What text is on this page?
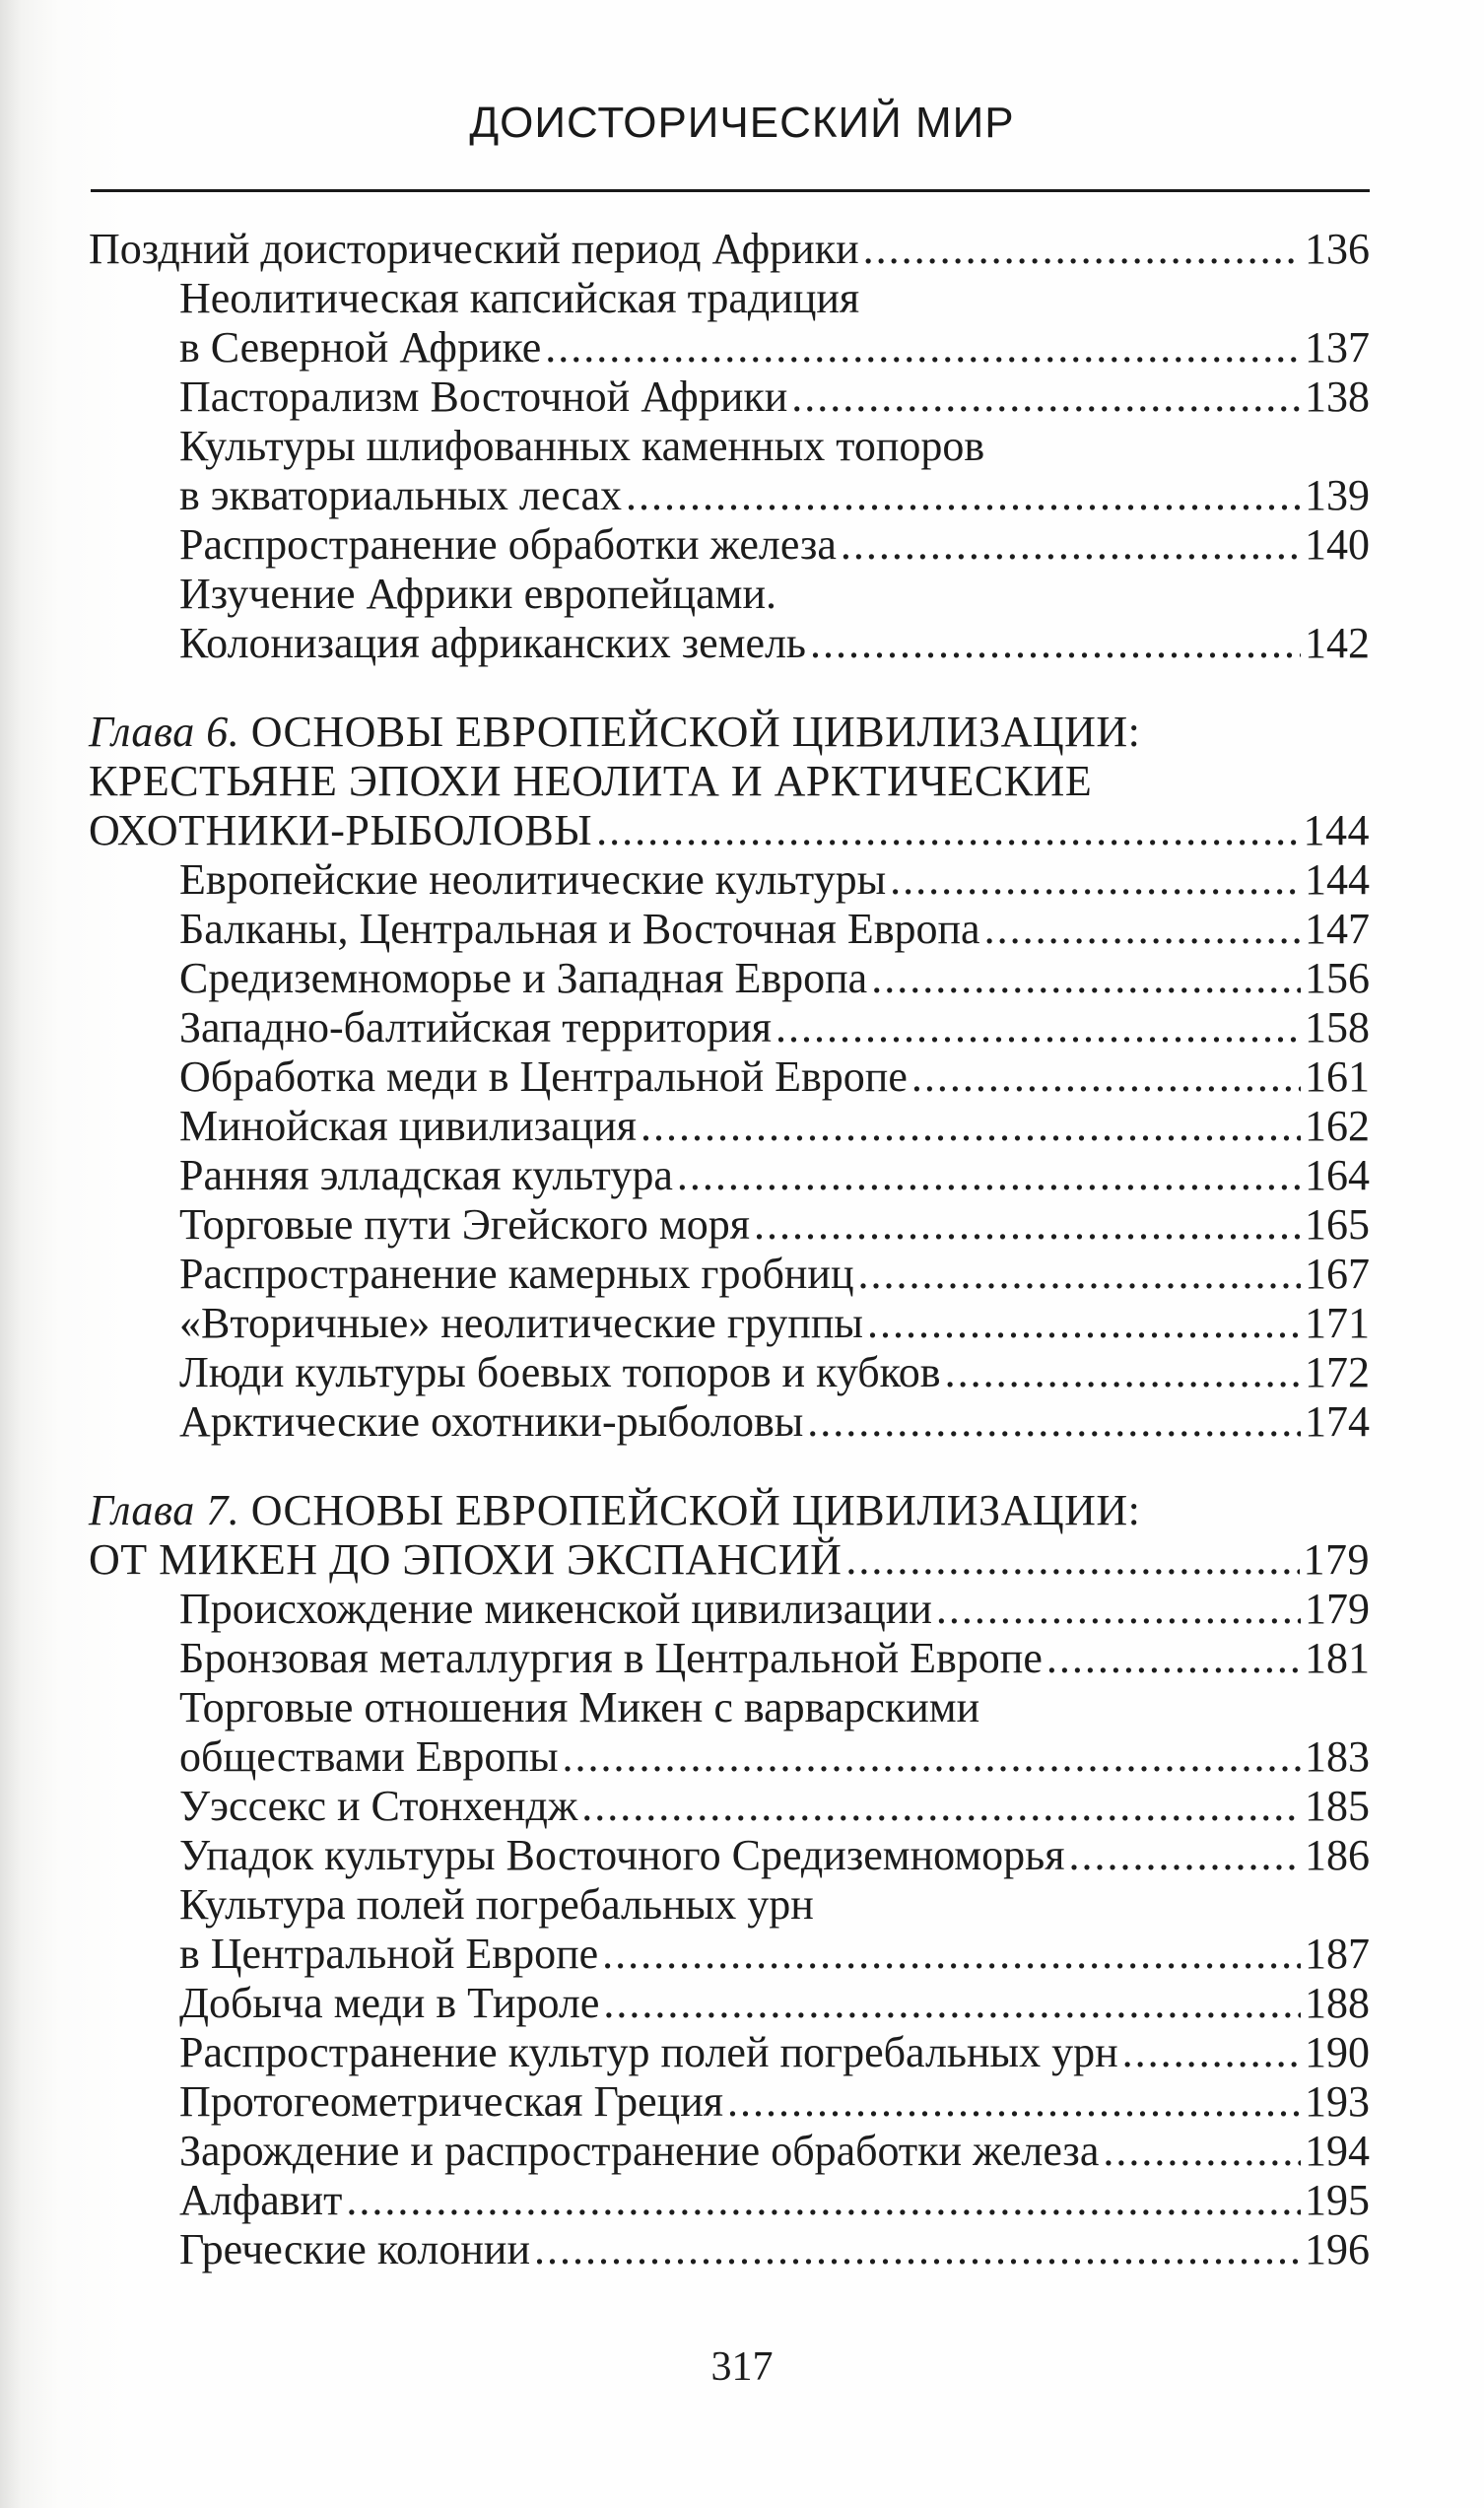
ДОИСТОРИЧЕСКИЙ МИР
Поздний доисторический период Африки .....	136
Неолитическая капсийская традиция
в Северной Африке .....	137
Пасторализм Восточной Африки .....	138
Культуры шлифованных каменных топоров
в экваториальных лесах .....	139
Распространение обработки железа .....	140
Изучение Африки европейцами.
Колонизация африканских земель .....	142
Глава 6. ОСНОВЫ ЕВРОПЕЙСКОЙ ЦИВИЛИЗАЦИИ:
КРЕСТЬЯНЕ ЭПОХИ НЕОЛИТА И АРКТИЧЕСКИЕ
ОХОТНИКИ-РЫБОЛОВЫ .....	144
Европейские неолитические культуры .....	144
Балканы, Центральная и Восточная Европа .....	147
Средиземноморье и Западная Европа .....	156
Западно-балтийская территория .....	158
Обработка меди в Центральной Европе .....	161
Минойская цивилизация .....	162
Ранняя элладская культура .....	164
Торговые пути Эгейского моря .....	165
Распространение камерных гробниц .....	167
«Вторичные» неолитические группы .....	171
Люди культуры боевых топоров и кубков .....	172
Арктические охотники-рыболовы .....	174
Глава 7. ОСНОВЫ ЕВРОПЕЙСКОЙ ЦИВИЛИЗАЦИИ:
ОТ МИКЕН ДО ЭПОХИ ЭКСПАНСИЙ .....	179
Происхождение микенской цивилизации .....	179
Бронзовая металлургия в Центральной Европе .....	181
Торговые отношения Микен с варварскими
обществами Европы .....	183
Уэссекс и Стонхендж .....	185
Упадок культуры Восточного Средиземноморья .....	186
Культура полей погребальных урн
в Центральной Европе .....	187
Добыча меди в Тироле .....	188
Распространение культур полей погребальных урн .....	190
Протогеометрическая Греция .....	193
Зарождение и распространение обработки железа .....	194
Алфавит .....	195
Греческие колонии .....	196
317
